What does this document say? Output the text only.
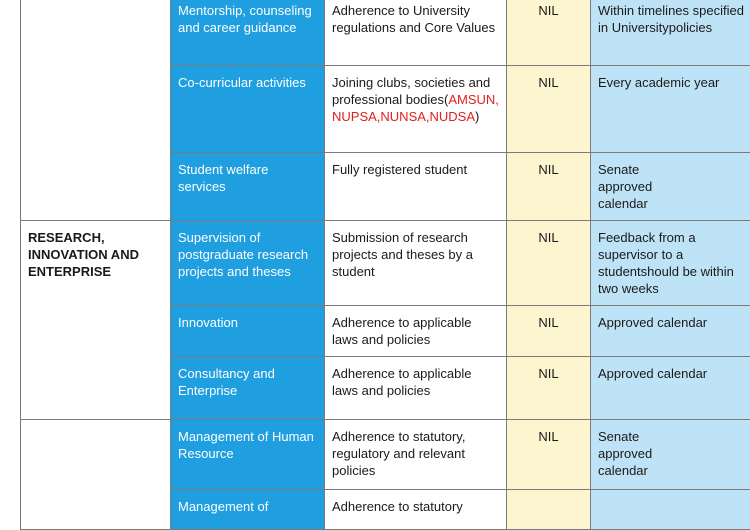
	Mentorship, counseling and career guidance	Adherence to University regulations and Core Values	NIL	Within timelines specified in Universitypolicies
	Co-curricular activities	Joining clubs, societies and professional bodies(AMSUN,NUPSA,NUNSA,NUDSA)	NIL	Every academic year
	Student welfare services	Fully registered student	NIL	Senate approved calendar

RESEARCH, INNOVATION AND ENTERPRISE	Supervision of postgraduate research projects and theses	Submission of research projects and theses by a student	NIL	Feedback from a supervisor to a studentshould be within two weeks
	Innovation	Adherence to applicable laws and policies	NIL	Approved calendar
	Consultancy and Enterprise	Adherence to applicable laws and policies	NIL	Approved calendar
	Management of Human Resource	Adherence to statutory, regulatory and relevant policies	NIL	Senate approved calendar

	Management of	Adherence to statutory		
